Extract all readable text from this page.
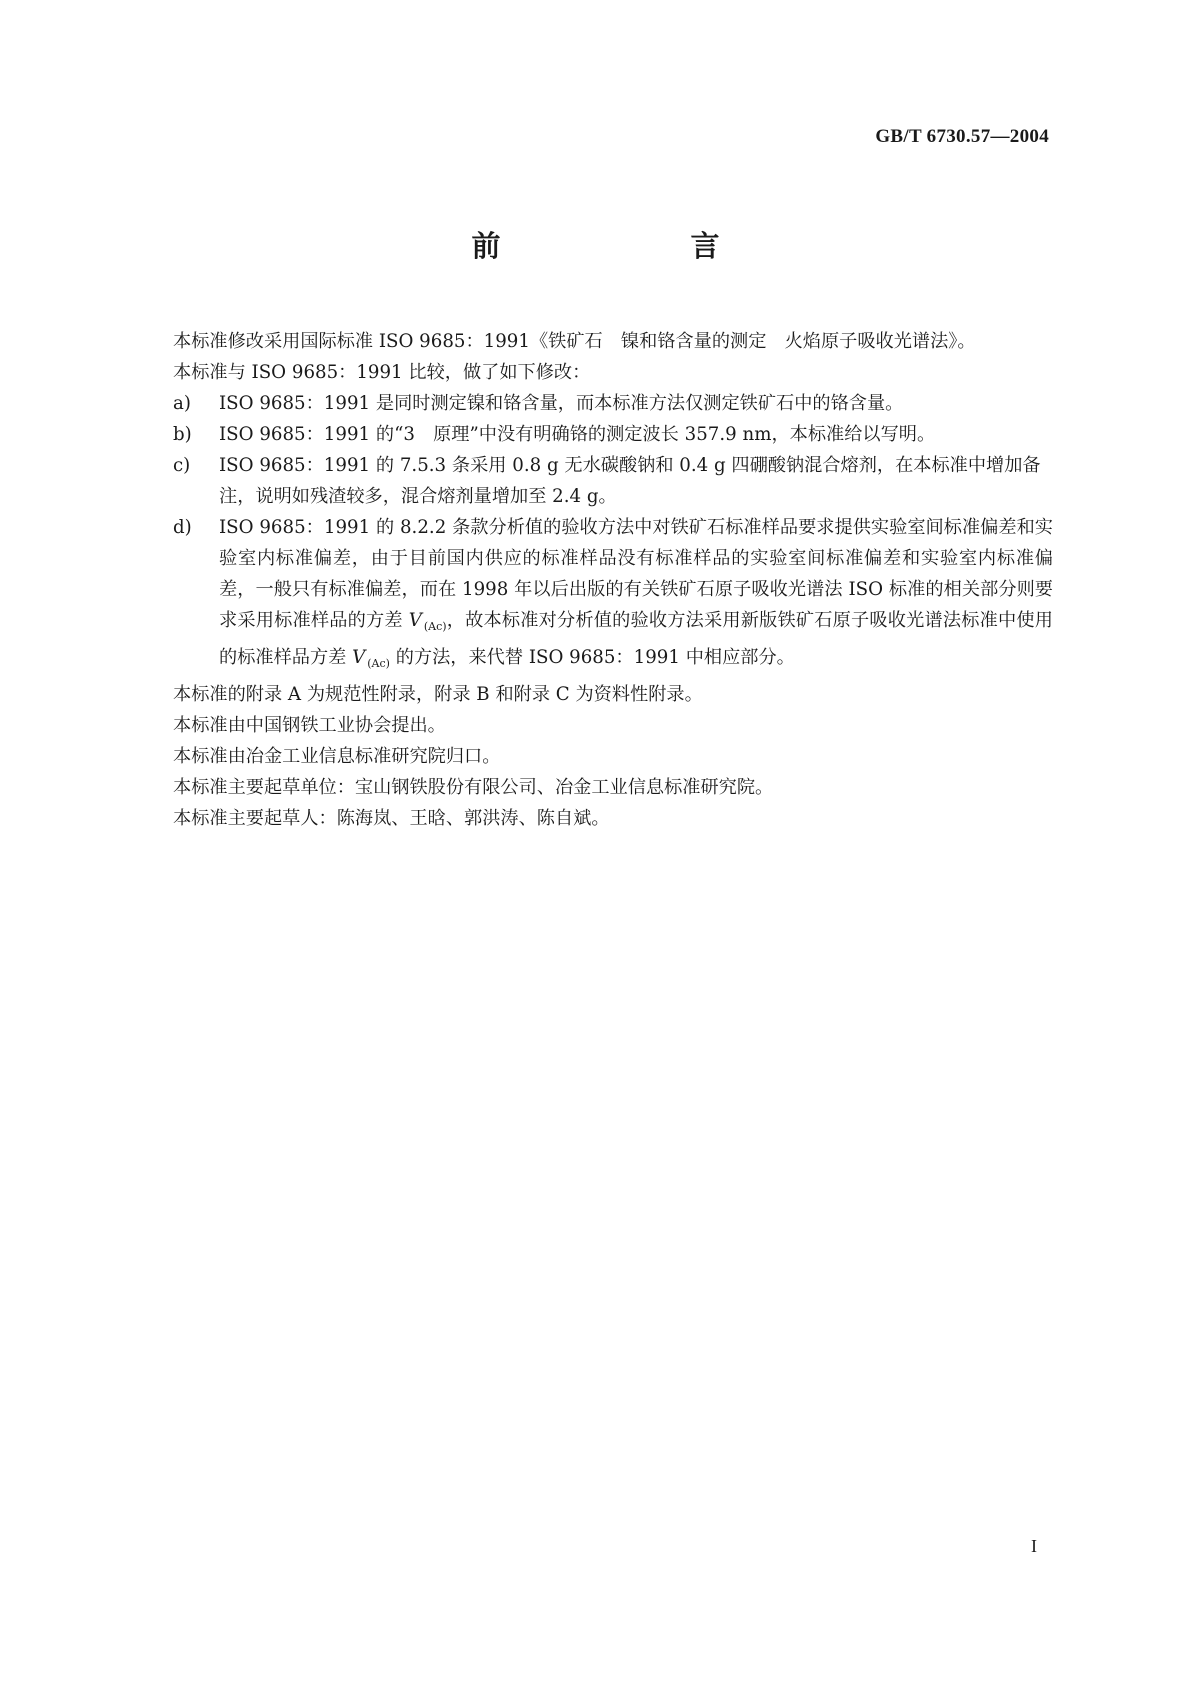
GB/T 6730.57—2004
前　　言

本标准修改采用国际标准 ISO 9685：1991《铁矿石　镍和铬含量的测定　火焰原子吸收光谱法》。

本标准与 ISO 9685：1991 比较，做了如下修改：

a) ISO 9685：1991 是同时测定镍和铬含量，而本标准方法仅测定铁矿石中的铬含量。
b) ISO 9685：1991 的“3　原理”中没有明确铬的测定波长 357.9 nm，本标准给以写明。
c) ISO 9685：1991 的 7.5.3 条采用 0.8 g 无水碳酸钠和 0.4 g 四硼酸钠混合熔剂，在本标准中增加备注，说明如残渣较多，混合熔剂量增加至 2.4 g。
d) ISO 9685：1991 的 8.2.2 条款分析值的验收方法中对铁矿石标准样品要求提供实验室间标准偏差和实验室内标准偏差，由于目前国内供应的标准样品没有标准样品的实验室间标准偏差和实验室内标准偏差，一般只有标准偏差，而在 1998 年以后出版的有关铁矿石原子吸收光谱法 ISO 标准的相关部分则要求采用标准样品的方差 V $_{(Ac)}$，故本标准对分析值的验收方法采用新版铁矿石原子吸收光谱法标准中使用的标准样品方差 V $_{(Ac)}$ 的方法，来代替 ISO 9685：1991 中相应部分。

本标准的附录 A 为规范性附录，附录 B 和附录 C 为资料性附录。

本标准由中国钢铁工业协会提出。

本标准由冶金工业信息标准研究院归口。

本标准主要起草单位：宝山钢铁股份有限公司、冶金工业信息标准研究院。

本标准主要起草人：陈海岚、王晗、郭洪涛、陈自斌。

I
